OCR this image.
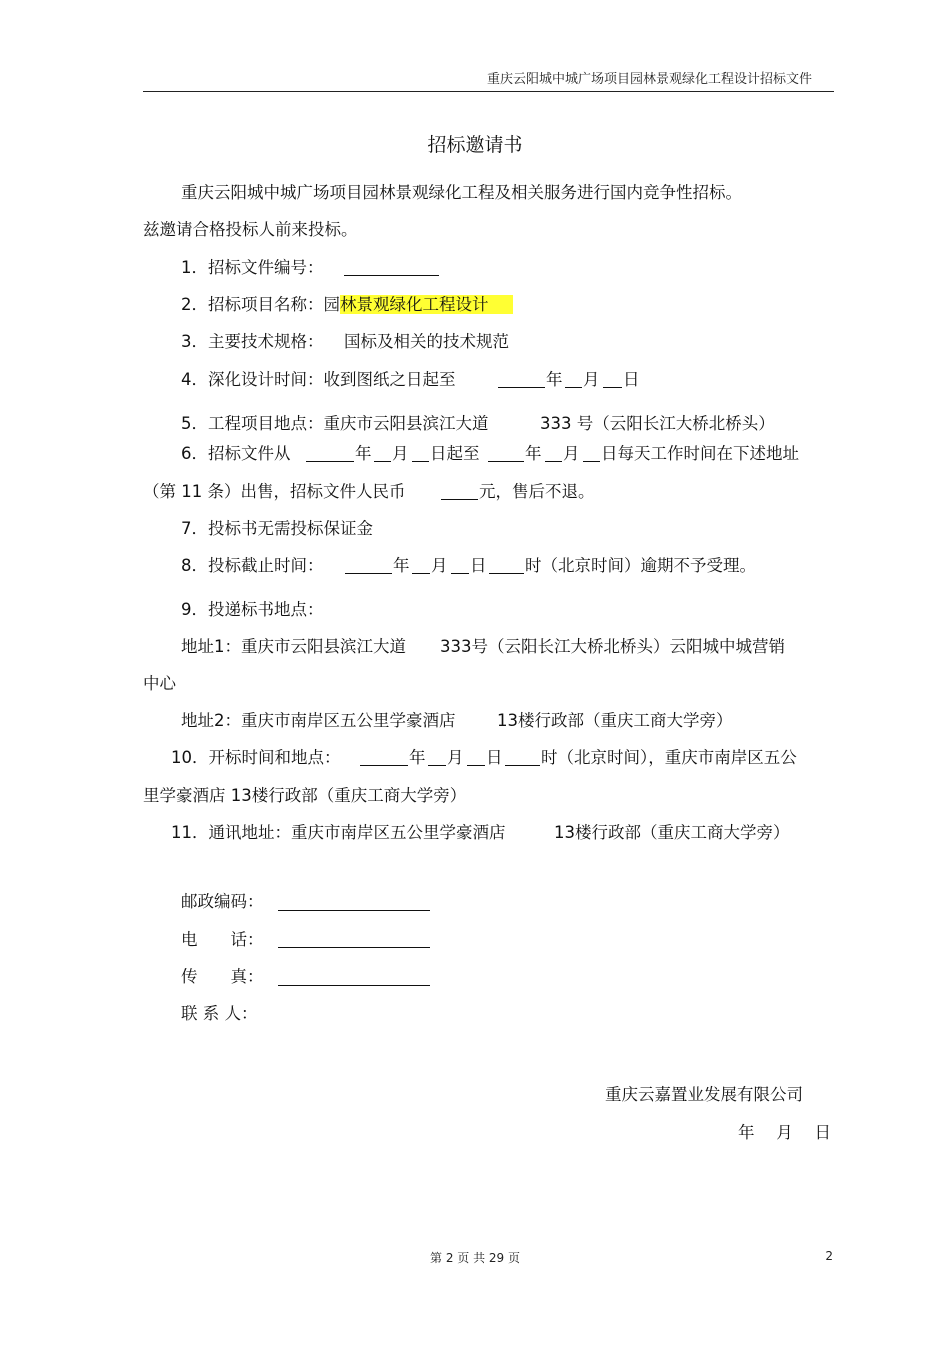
重庆云阳城中城广场项目园林景观绿化工程设计招标文件
招标邀请书
重庆云阳城中城广场项目园林景观绿化工程及相关服务进行国内竞争性招标。
兹邀请合格投标人前来投标。
1．招标文件编号：
2．招标项目名称：园林景观绿化工程设计
3．主要技术规格： 国标及相关的技术规范
4．深化设计时间：收到图纸之日起至	年 月 日
5．工程项目地点：重庆市云阳县滨江大道	333 号（云阳长江大桥北桥头）
6．招标文件从	年 月 日起至	年 月 日每天工作时间在下述地址
（第 11 条）出售，招标文件人民币	元，售后不退。
7．投标书无需投标保证金
8．投标截止时间：	年 月 日 时（北京时间）逾期不予受理。
9．投递标书地点：
地址1：重庆市云阳县滨江大道 333号（云阳长江大桥北桥头）云阳城中城营销
中心
地址2：重庆市南岸区五公里学豪酒店	13楼行政部（重庆工商大学旁）
10．开标时间和地点：	年 月 日 时（北京时间），重庆市南岸区五公
里学豪酒店 13楼行政部（重庆工商大学旁）
11．通讯地址：重庆市南岸区五公里学豪酒店	13楼行政部（重庆工商大学旁）
邮政编码：
电　　话：
传　　真：
联 系 人：
重庆云嘉置业发展有限公司
年　 月　 日
第 2 页 共 29 页	2
